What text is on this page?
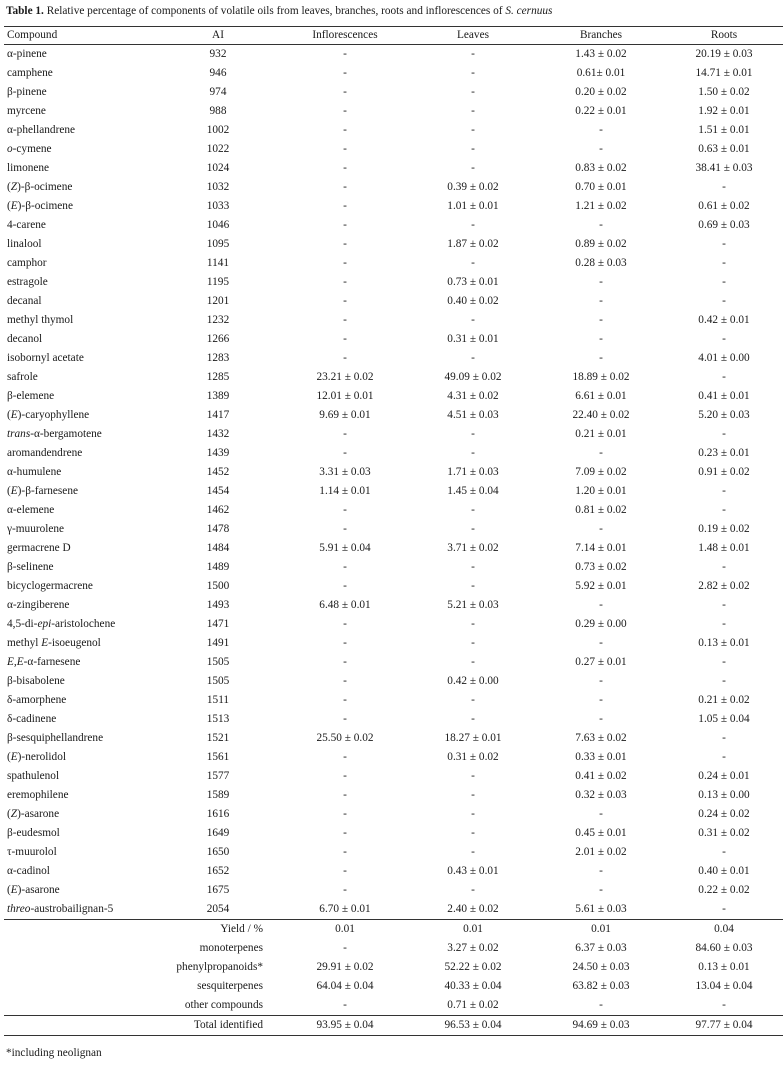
Table 1. Relative percentage of components of volatile oils from leaves, branches, roots and inflorescences of S. cernuus
Compound	AI	Inflorescences	Leaves	Branches	Roots
α-pinene	932	-	-	1.43 ± 0.02	20.19 ± 0.03
camphene	946	-	-	0.61± 0.01	14.71 ± 0.01
β-pinene	974	-	-	0.20 ± 0.02	1.50 ± 0.02
myrcene	988	-	-	0.22 ± 0.01	1.92 ± 0.01
α-phellandrene	1002	-	-	-	1.51 ± 0.01
o-cymene	1022	-	-	-	0.63 ± 0.01
limonene	1024	-	-	0.83 ± 0.02	38.41 ± 0.03
(Z)-β-ocimene	1032	-	0.39 ± 0.02	0.70 ± 0.01	-
(E)-β-ocimene	1033	-	1.01 ± 0.01	1.21 ± 0.02	0.61 ± 0.02
4-carene	1046	-	-	-	0.69 ± 0.03
linalool	1095	-	1.87 ± 0.02	0.89 ± 0.02	-
camphor	1141	-	-	0.28 ± 0.03	-
estragole	1195	-	0.73 ± 0.01	-	-
decanal	1201	-	0.40 ± 0.02	-	-
methyl thymol	1232	-	-	-	0.42 ± 0.01
decanol	1266	-	0.31 ± 0.01	-	-
isobornyl acetate	1283	-	-	-	4.01 ± 0.00
safrole	1285	23.21 ± 0.02	49.09 ± 0.02	18.89 ± 0.02	-
β-elemene	1389	12.01 ± 0.01	4.31 ± 0.02	6.61 ± 0.01	0.41 ± 0.01
(E)-caryophyllene	1417	9.69 ± 0.01	4.51 ± 0.03	22.40 ± 0.02	5.20 ± 0.03
trans-α-bergamotene	1432	-	-	0.21 ± 0.01	-
aromandendrene	1439	-	-	-	0.23 ± 0.01
α-humulene	1452	3.31 ± 0.03	1.71 ± 0.03	7.09 ± 0.02	0.91 ± 0.02
(E)-β-farnesene	1454	1.14 ± 0.01	1.45 ± 0.04	1.20 ± 0.01	-
α-elemene	1462	-	-	0.81 ± 0.02	-
γ-muurolene	1478	-	-	-	0.19 ± 0.02
germacrene D	1484	5.91 ± 0.04	3.71 ± 0.02	7.14 ± 0.01	1.48 ± 0.01
β-selinene	1489	-	-	0.73 ± 0.02	-
bicyclogermacrene	1500	-	-	5.92 ± 0.01	2.82 ± 0.02
α-zingiberene	1493	6.48 ± 0.01	5.21 ± 0.03	-	-
4,5-di-epi-aristolochene	1471	-	-	0.29 ± 0.00	-
methyl E-isoeugenol	1491	-	-	-	0.13 ± 0.01
E,E-α-farnesene	1505	-	-	0.27 ± 0.01	-
β-bisabolene	1505	-	0.42 ± 0.00	-	-
δ-amorphene	1511	-	-	-	0.21 ± 0.02
δ-cadinene	1513	-	-	-	1.05 ± 0.04
β-sesquiphellandrene	1521	25.50 ± 0.02	18.27 ± 0.01	7.63 ± 0.02	-
(E)-nerolidol	1561	-	0.31 ± 0.02	0.33 ± 0.01	-
spathulenol	1577	-	-	0.41 ± 0.02	0.24 ± 0.01
eremophilene	1589	-	-	0.32 ± 0.03	0.13 ± 0.00
(Z)-asarone	1616	-	-	-	0.24 ± 0.02
β-eudesmol	1649	-	-	0.45 ± 0.01	0.31 ± 0.02
τ-muurolol	1650	-	-	2.01 ± 0.02	-
α-cadinol	1652	-	0.43 ± 0.01	-	0.40 ± 0.01
(E)-asarone	1675	-	-	-	0.22 ± 0.02
threo-austrobailignan-5	2054	6.70 ± 0.01	2.40 ± 0.02	5.61 ± 0.03	-
Yield / %		0.01	0.01	0.01	0.04
monoterpenes		-	3.27 ± 0.02	6.37 ± 0.03	84.60 ± 0.03
phenylpropanoids*		29.91 ± 0.02	52.22 ± 0.02	24.50 ± 0.03	0.13 ± 0.01
sesquiterpenes		64.04 ± 0.04	40.33 ± 0.04	63.82 ± 0.03	13.04 ± 0.04
other compounds		-	0.71 ± 0.02	-	-
Total identified		93.95 ± 0.04	96.53 ± 0.04	94.69 ± 0.03	97.77 ± 0.04
*including neolignan
